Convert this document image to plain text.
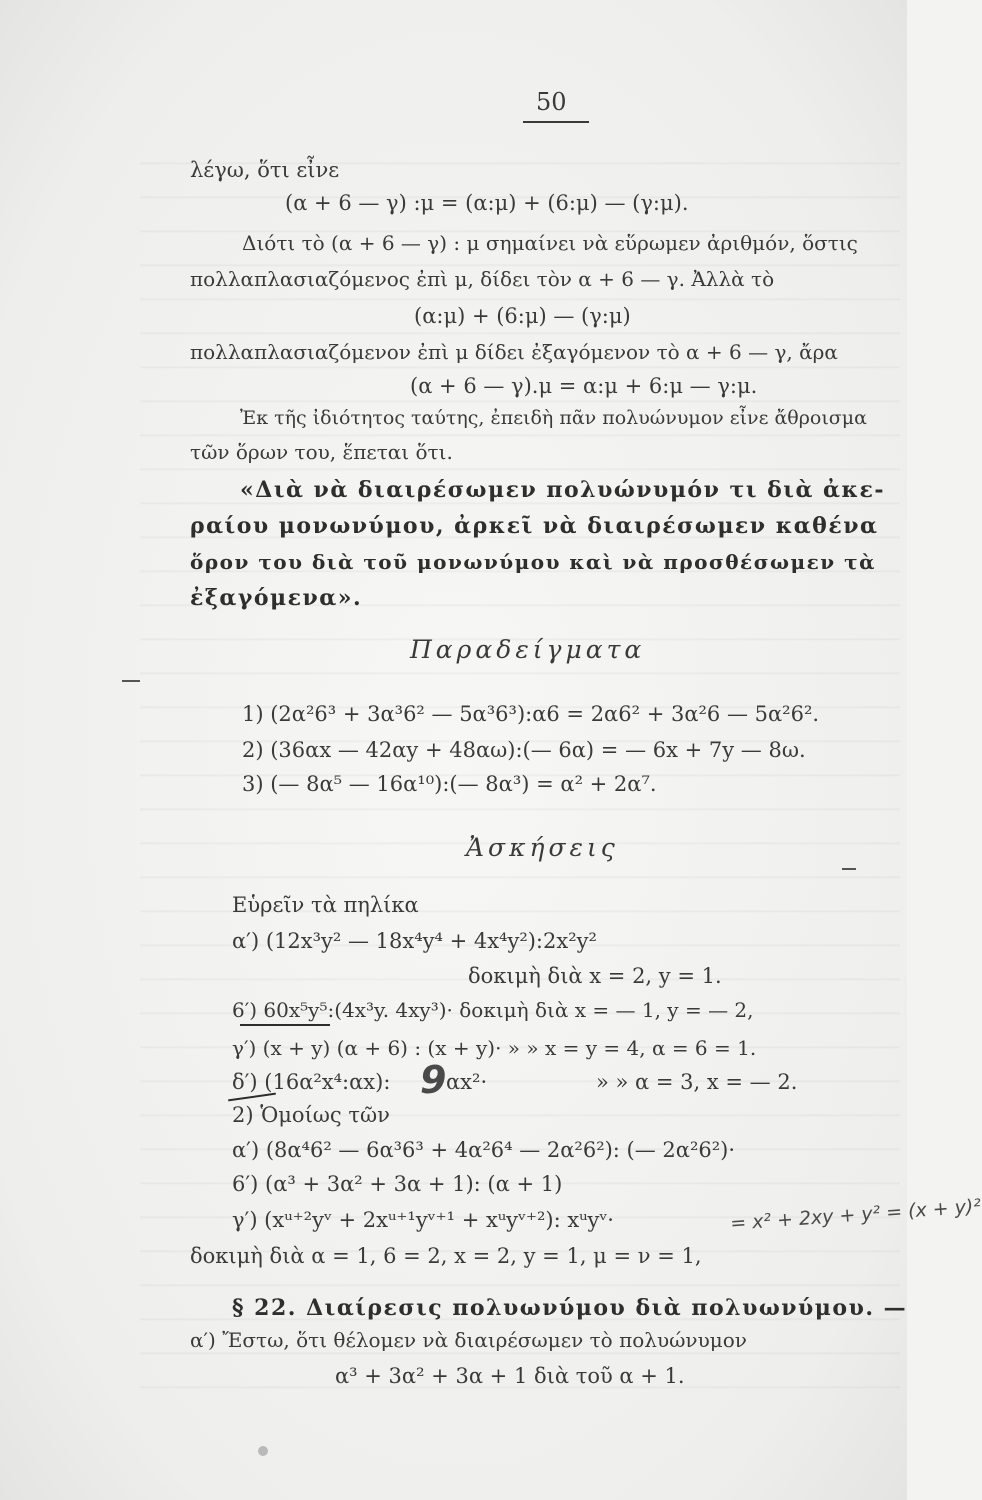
50
λέγω, ὅτι εἶνε
(α + 6 — γ) :μ = (α:μ) + (6:μ) — (γ:μ).
Διότι τὸ (α + 6 — γ) : μ σημαίνει νὰ εὕρωμεν ἀριθμόν, ὅστις
πολλαπλασιαζόμενος ἐπὶ μ, δίδει τὸν α + 6 — γ. Ἀλλὰ τὸ
(α:μ) + (6:μ) — (γ:μ)
πολλαπλασιαζόμενον ἐπὶ μ δίδει ἐξαγόμενον τὸ α + 6 — γ, ἄρα
(α + 6 — γ).μ = α:μ + 6:μ — γ:μ.
Ἐκ τῆς ἰδιότητος ταύτης, ἐπειδὴ πᾶν πολυώνυμον εἶνε ἄθροισμα
τῶν ὅρων του, ἕπεται ὅτι.
«Διὰ νὰ διαιρέσωμεν πολυώνυμόν τι διὰ ἀκε-
ραίου μονωνύμου, ἀρκεῖ νὰ διαιρέσωμεν καθένα
ὅρον του διὰ τοῦ μονωνύμου καὶ νὰ προσθέσωμεν τὰ
ἐξαγόμενα».
Παραδείγματα
1) (2α²6³ + 3α³6² — 5α³6³):α6 = 2α6² + 3α²6 — 5α²6².
2) (36αx — 42αy + 48αω):(— 6α) = — 6x + 7y — 8ω.
3) (— 8α⁵ — 16α¹⁰):(— 8α³) = α² + 2α⁷.
Ἀσκήσεις
Εὑρεῖν τὰ πηλίκα
α′) (12x³y² — 18x⁴y⁴ + 4x⁴y²):2x²y²
δοκιμὴ διὰ x = 2, y = 1.
6′) 60x⁵y⁵:(4x³y. 4xy³)· δοκιμὴ διὰ x = — 1, y = — 2,
γ′) (x + y) (α + 6) : (x + y)· » » x = y = 4, α = 6 = 1.
δ′) (16α²x⁴:αx): 9 αx²·	» » α = 3, x = — 2.
2) Ὁμοίως τῶν
α′) (8α⁴6² — 6α³6³ + 4α²6⁴ — 2α²6²): (— 2α²6²)·
6′) (α³ + 3α² + 3α + 1): (α + 1)
γ′) (xᵘ⁺²yᵛ + 2xᵘ⁺¹yᵛ⁺¹ + xᵘyᵛ⁺²): xᵘyᵛ·	= x² + 2xy + y² = (x + y)²
δοκιμὴ διὰ α = 1, 6 = 2, x = 2, y = 1, μ = ν = 1,
§ 22. Διαίρεσις πολυωνύμου διὰ πολυωνύμου. —
α′) Ἔστω, ὅτι θέλομεν νὰ διαιρέσωμεν τὸ πολυώνυμον
α³ + 3α² + 3α + 1 διὰ τοῦ α + 1.
